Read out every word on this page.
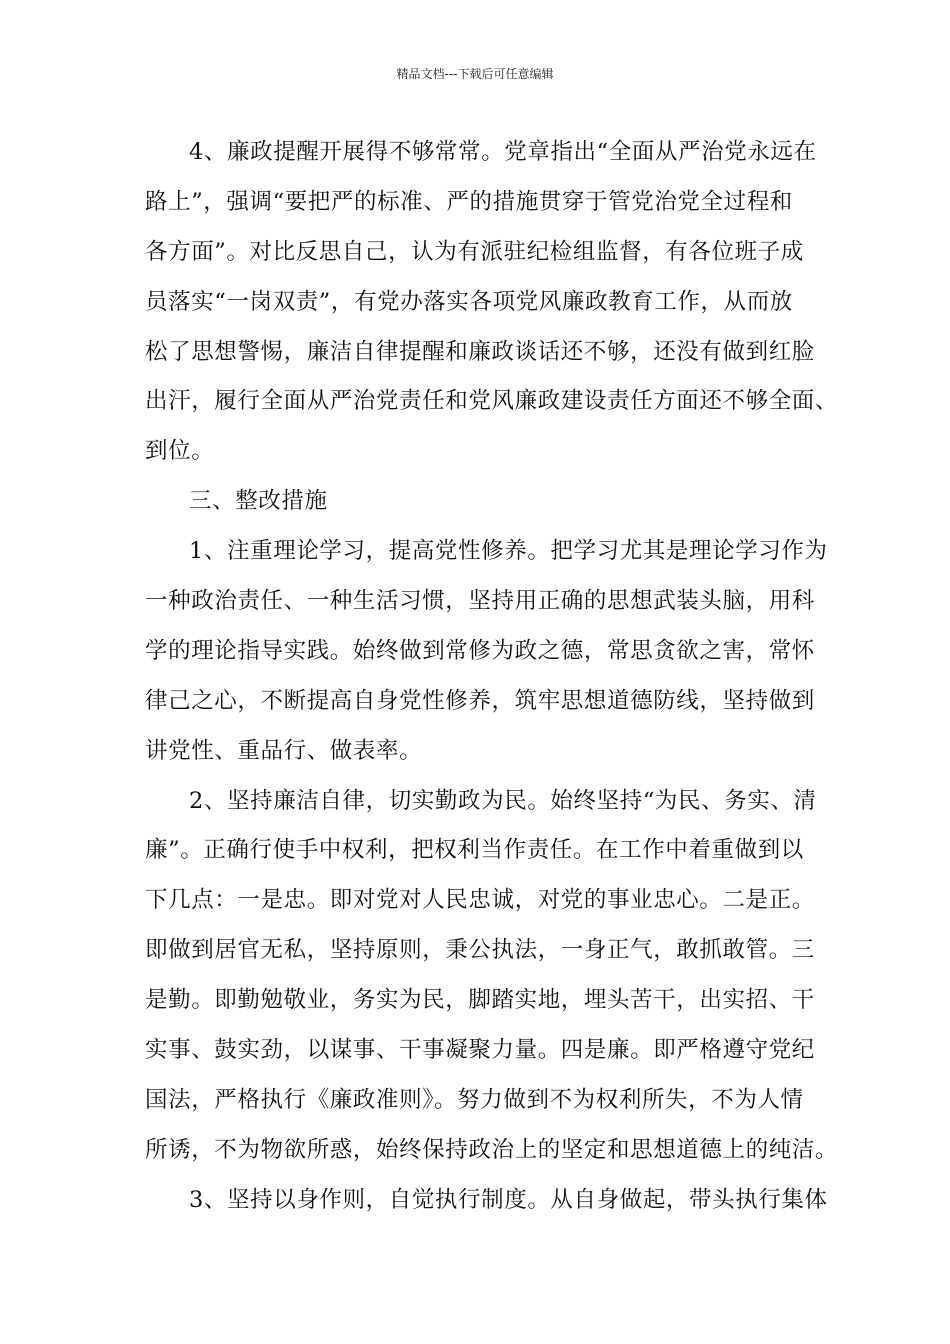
精品文档---下载后可任意编辑
4、廉政提醒开展得不够常常。党章指出“全面从严治党永远在
路上”，强调“要把严的标准、严的措施贯穿于管党治党全过程和
各方面”。对比反思自己，认为有派驻纪检组监督，有各位班子成
员落实“一岗双责”，有党办落实各项党风廉政教育工作，从而放
松了思想警惕，廉洁自律提醒和廉政谈话还不够，还没有做到红脸
出汗，履行全面从严治党责任和党风廉政建设责任方面还不够全面、
到位。
三、整改措施
1、注重理论学习，提高党性修养。把学习尤其是理论学习作为
一种政治责任、一种生活习惯，坚持用正确的思想武装头脑，用科
学的理论指导实践。始终做到常修为政之德，常思贪欲之害，常怀
律己之心，不断提高自身党性修养，筑牢思想道德防线，坚持做到
讲党性、重品行、做表率。
2、坚持廉洁自律，切实勤政为民。始终坚持“为民、务实、清
廉”。正确行使手中权利，把权利当作责任。在工作中着重做到以
下几点：一是忠。即对党对人民忠诚，对党的事业忠心。二是正。
即做到居官无私，坚持原则，秉公执法，一身正气，敢抓敢管。三
是勤。即勤勉敬业，务实为民，脚踏实地，埋头苦干，出实招、干
实事、鼓实劲，以谋事、干事凝聚力量。四是廉。即严格遵守党纪
国法，严格执行《廉政准则》。努力做到不为权利所失，不为人情
所诱，不为物欲所惑，始终保持政治上的坚定和思想道德上的纯洁。
3、坚持以身作则，自觉执行制度。从自身做起，带头执行集体
